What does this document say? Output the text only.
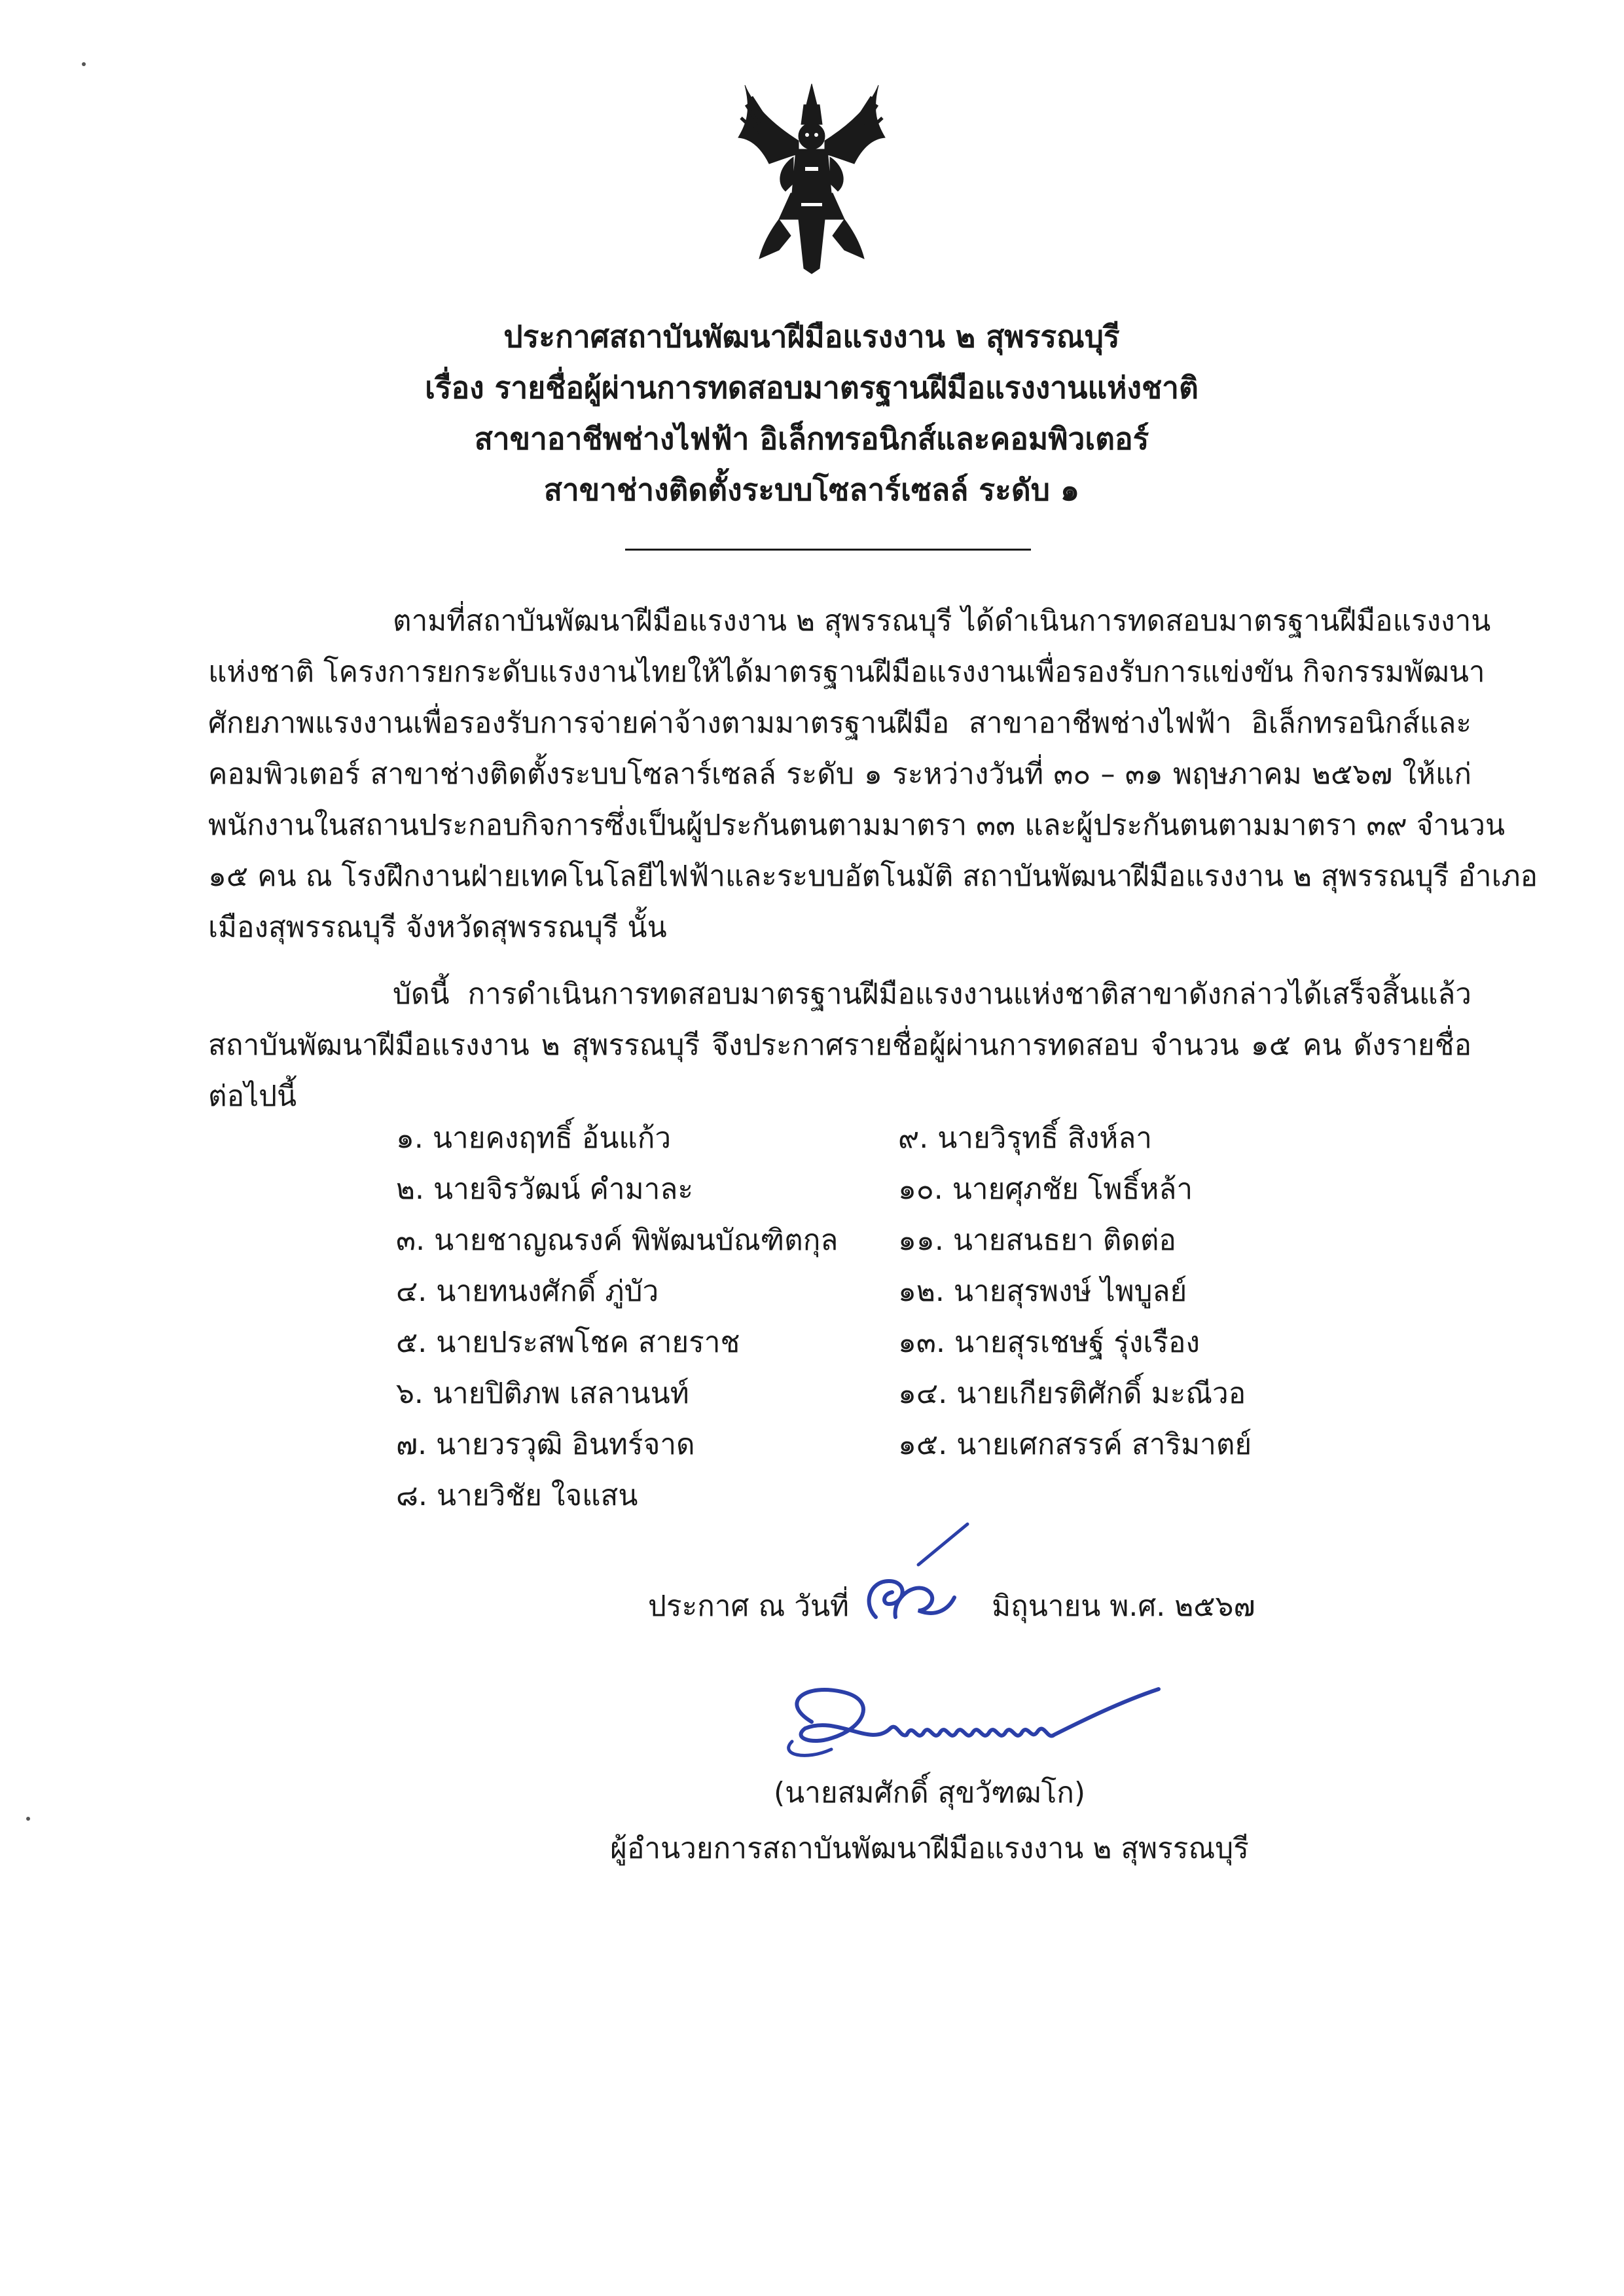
ประกาศสถาบันพัฒนาฝีมือแรงงาน ๒ สุพรรณบุรี
เรื่อง รายชื่อผู้ผ่านการทดสอบมาตรฐานฝีมือแรงงานแห่งชาติ
สาขาอาชีพช่างไฟฟ้า อิเล็กทรอนิกส์และคอมพิวเตอร์
สาขาช่างติดตั้งระบบโซลาร์เซลล์ ระดับ ๑
ตามที่สถาบันพัฒนาฝีมือแรงงาน ๒ สุพรรณบุรี ได้ดำเนินการทดสอบมาตรฐานฝีมือแรงงาน
แห่งชาติ โครงการยกระดับแรงงานไทยให้ได้มาตรฐานฝีมือแรงงานเพื่อรองรับการแข่งขัน กิจกรรมพัฒนา
ศักยภาพแรงงานเพื่อรองรับการจ่ายค่าจ้างตามมาตรฐานฝีมือ สาขาอาชีพช่างไฟฟ้า อิเล็กทรอนิกส์และ
คอมพิวเตอร์ สาขาช่างติดตั้งระบบโซลาร์เซลล์ ระดับ ๑ ระหว่างวันที่ ๓๐ – ๓๑ พฤษภาคม ๒๕๖๗ ให้แก่
พนักงานในสถานประกอบกิจการซึ่งเป็นผู้ประกันตนตามมาตรา ๓๓ และผู้ประกันตนตามมาตรา ๓๙ จำนวน
๑๕ คน ณ โรงฝึกงานฝ่ายเทคโนโลยีไฟฟ้าและระบบอัตโนมัติ สถาบันพัฒนาฝีมือแรงงาน ๒ สุพรรณบุรี อำเภอ
เมืองสุพรรณบุรี จังหวัดสุพรรณบุรี นั้น
บัดนี้ การดำเนินการทดสอบมาตรฐานฝีมือแรงงานแห่งชาติสาขาดังกล่าวได้เสร็จสิ้นแล้ว
สถาบันพัฒนาฝีมือแรงงาน ๒ สุพรรณบุรี จึงประกาศรายชื่อผู้ผ่านการทดสอบ จำนวน ๑๕ คน ดังรายชื่อ
ต่อไปนี้
๑. นายคงฤทธิ์ อ้นแก้ว
๒. นายจิรวัฒน์ คำมาละ
๓. นายชาญณรงค์ พิพัฒนบัณฑิตกุล
๔. นายทนงศักดิ์ ภู่บัว
๕. นายประสพโชค สายราช
๖. นายปิติภพ เสลานนท์
๗. นายวรวุฒิ อินทร์จาด
๘. นายวิชัย ใจแสน
๙. นายวิรุทธิ์ สิงห์ลา
๑๐. นายศุภชัย โพธิ์หล้า
๑๑. นายสนธยา ติดต่อ
๑๒. นายสุรพงษ์ ไพบูลย์
๑๓. นายสุรเชษฐ์ รุ่งเรือง
๑๔. นายเกียรติศักดิ์ มะณีวอ
๑๕. นายเศกสรรค์ สาริมาตย์
ประกาศ ณ วันที่	มิถุนายน พ.ศ. ๒๕๖๗
(นายสมศักดิ์ สุขวัฑฒโก)
ผู้อำนวยการสถาบันพัฒนาฝีมือแรงงาน ๒ สุพรรณบุรี
